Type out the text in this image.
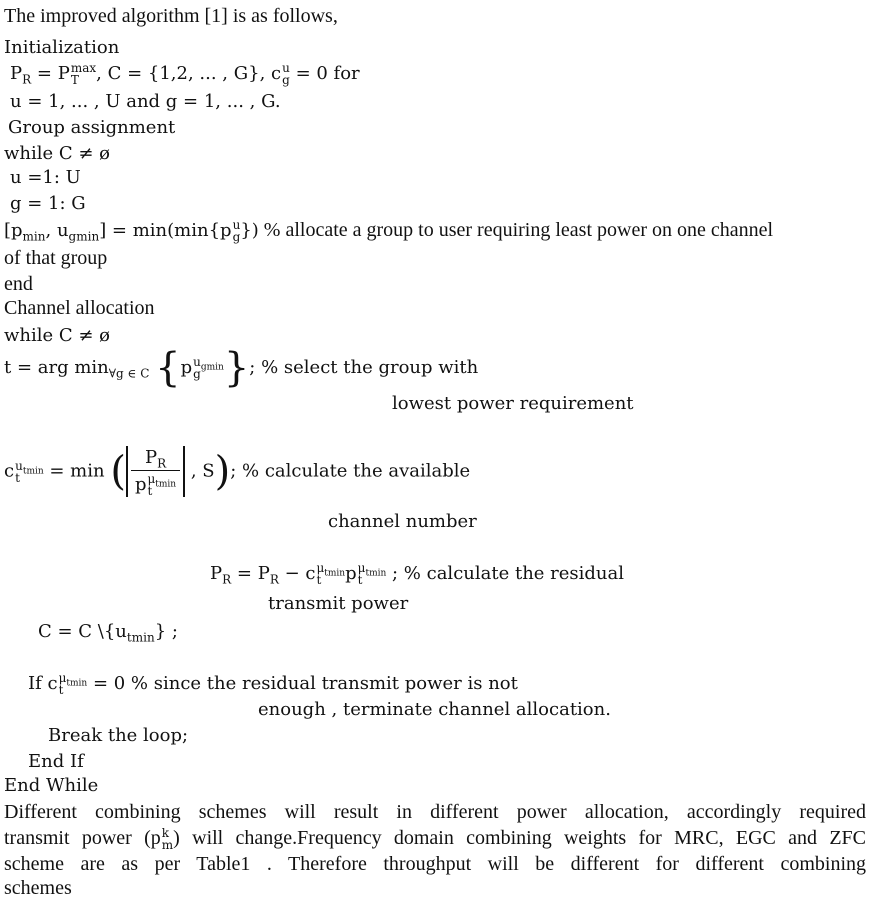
The improved algorithm [1] is as follows,
Initialization
$P_R = P$ max
T , C = {1,2, ... , G}, c u
g = 0 for
u = 1, ... , U and g = 1, ... , G.
Group assignment
while C ≠ ø
u =1: U
g = 1: G
[$p_{min}$, $u_{gmin}] = \min(\min\{p$ u
g }) % allocate a group to user requiring least power on one channel
of that group
end
Channel allocation
while C ≠ ø
t = arg $\min_{\forall g \in C} \{p$ $u_{gmin}$
g }; % select the group with
lowest power requirement
c $u_{tmin}$
t	= min ( $P_R$
p $\mu_{tmin}$
t , S); % calculate the available
channel number
$P_R = P_R - c$ $\mu_{tmin}$
t	p $\mu_{tmin}$
t	; % calculate the residual
transmit power
C = C $\backslash\{u_{tmin}\}$ ;
If c $\mu_{tmin}$
t	= 0 % since the residual transmit power is not
enough , terminate channel allocation.
Break the loop;
End If
End While
Different combining schemes will result in different power allocation, accordingly required
transmit power (p k
m ) will change.Frequency domain combining weights for MRC, EGC and ZFC
scheme are as per Table1 . Therefore throughput will be different for different combining
schemes
